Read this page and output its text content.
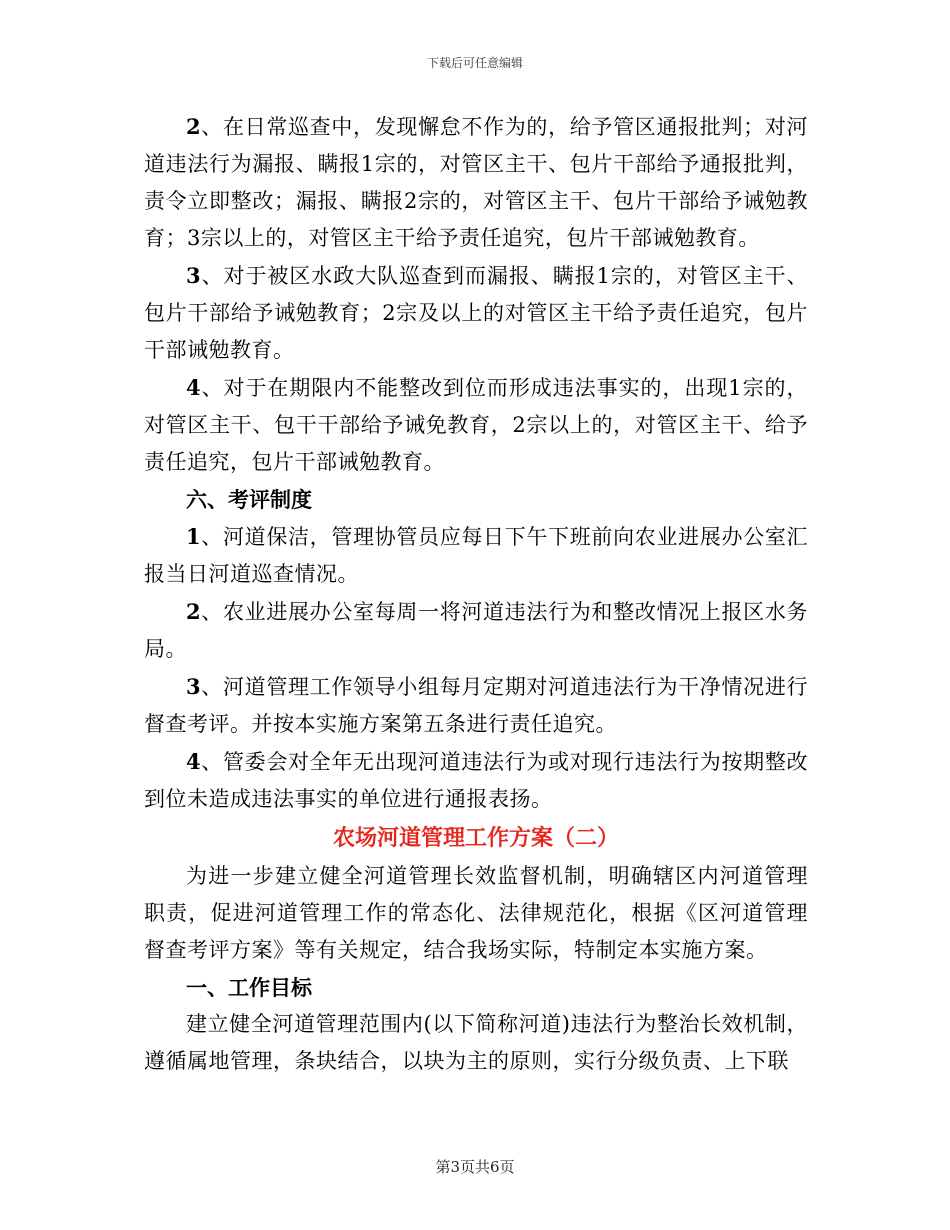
下载后可任意编辑

2、在日常巡查中，发现懈怠不作为的，给予管区通报批判；对河道违法行为漏报、瞒报1宗的，对管区主干、包片干部给予通报批判，责令立即整改；漏报、瞒报2宗的，对管区主干、包片干部给予诫勉教育；3宗以上的，对管区主干给予责任追究，包片干部诫勉教育。

3、对于被区水政大队巡查到而漏报、瞒报1宗的，对管区主干、包片干部给予诫勉教育；2宗及以上的对管区主干给予责任追究，包片干部诫勉教育。

4、对于在期限内不能整改到位而形成违法事实的，出现1宗的，对管区主干、包干干部给予诫免教育，2宗以上的，对管区主干、给予责任追究，包片干部诫勉教育。

六、考评制度

1、河道保洁，管理协管员应每日下午下班前向农业进展办公室汇报当日河道巡查情况。

2、农业进展办公室每周一将河道违法行为和整改情况上报区水务局。

3、河道管理工作领导小组每月定期对河道违法行为干净情况进行督查考评。并按本实施方案第五条进行责任追究。

4、管委会对全年无出现河道违法行为或对现行违法行为按期整改到位未造成违法事实的单位进行通报表扬。

农场河道管理工作方案（二）

为进一步建立健全河道管理长效监督机制，明确辖区内河道管理职责，促进河道管理工作的常态化、法律规范化，根据《区河道管理督查考评方案》等有关规定，结合我场实际，特制定本实施方案。

一、工作目标

建立健全河道管理范围内(以下简称河道)违法行为整治长效机制，遵循属地管理，条块结合，以块为主的原则，实行分级负责、上下联

第3页共6页
